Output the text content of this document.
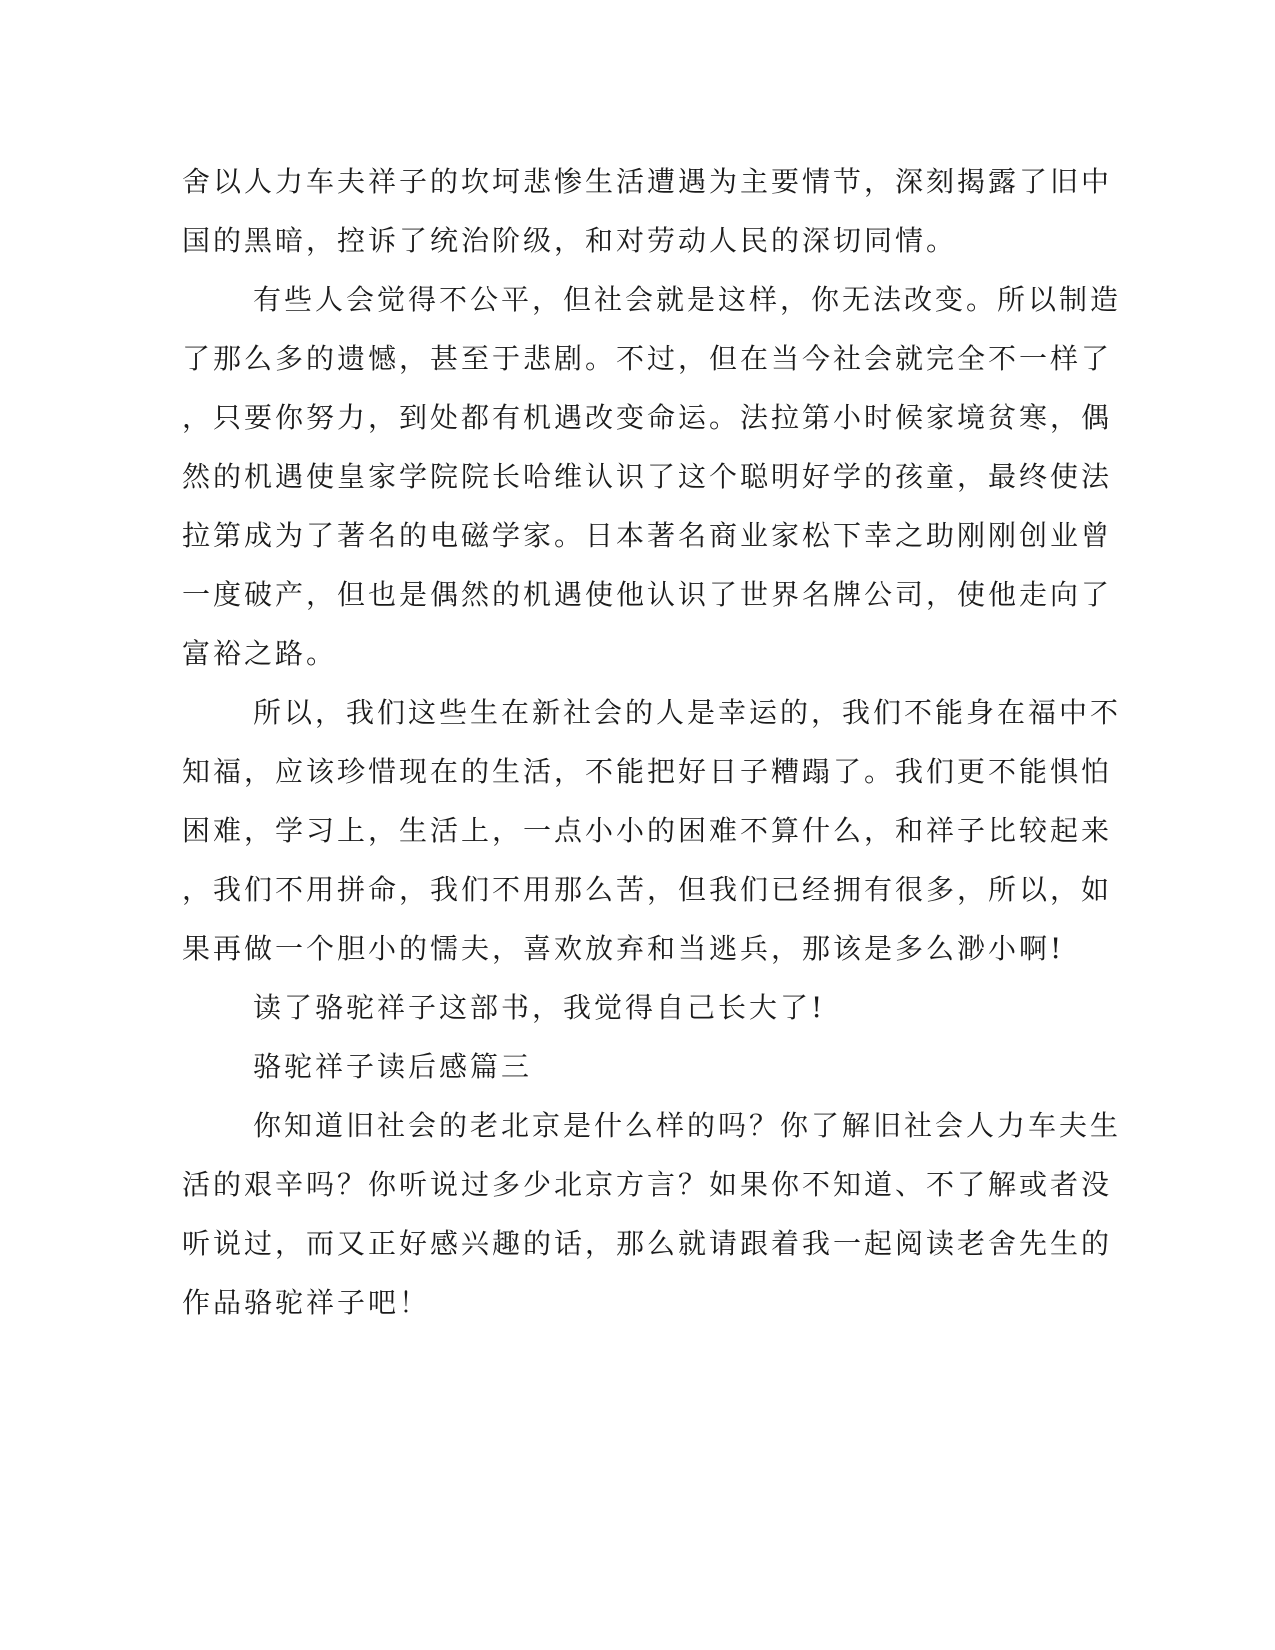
舍以人力车夫祥子的坎坷悲惨生活遭遇为主要情节，深刻揭露了旧中
国的黑暗，控诉了统治阶级，和对劳动人民的深切同情。
有些人会觉得不公平，但社会就是这样，你无法改变。所以制造
了那么多的遗憾，甚至于悲剧。不过，但在当今社会就完全不一样了
，只要你努力，到处都有机遇改变命运。法拉第小时候家境贫寒，偶
然的机遇使皇家学院院长哈维认识了这个聪明好学的孩童，最终使法
拉第成为了著名的电磁学家。日本著名商业家松下幸之助刚刚创业曾
一度破产，但也是偶然的机遇使他认识了世界名牌公司，使他走向了
富裕之路。
所以，我们这些生在新社会的人是幸运的，我们不能身在福中不
知福，应该珍惜现在的生活，不能把好日子糟蹋了。我们更不能惧怕
困难，学习上，生活上，一点小小的困难不算什么，和祥子比较起来
，我们不用拼命，我们不用那么苦，但我们已经拥有很多，所以，如
果再做一个胆小的懦夫，喜欢放弃和当逃兵，那该是多么渺小啊!
读了骆驼祥子这部书，我觉得自己长大了!
骆驼祥子读后感篇三
你知道旧社会的老北京是什么样的吗？你了解旧社会人力车夫生
活的艰辛吗？你听说过多少北京方言？如果你不知道、不了解或者没
听说过，而又正好感兴趣的话，那么就请跟着我一起阅读老舍先生的
作品骆驼祥子吧！
